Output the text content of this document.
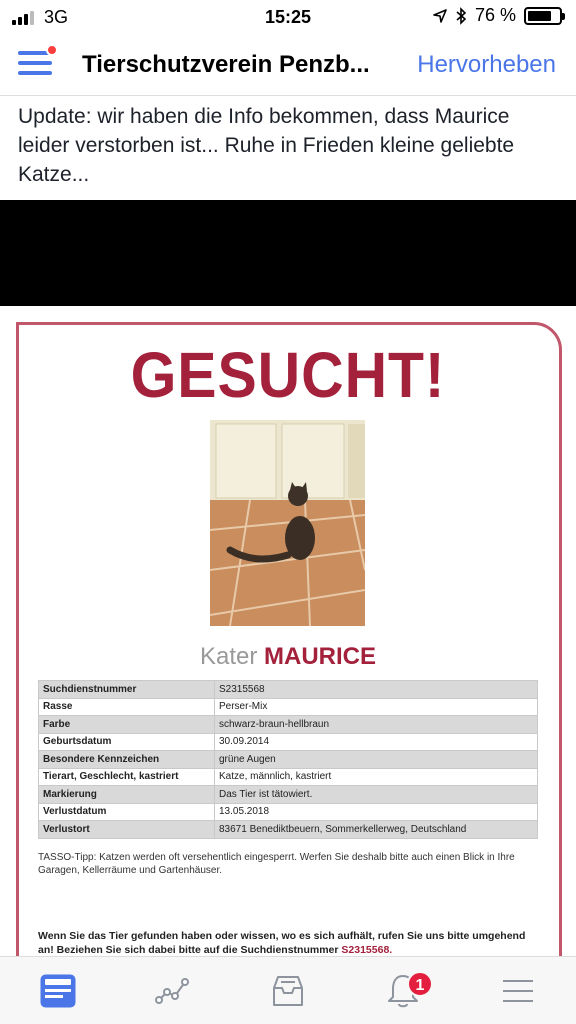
3G	15:25	76 %
Tierschutzverein Penzb...	Hervorheben
Update: wir haben die Info bekommen, dass Maurice leider verstorben ist... Ruhe in Frieden kleine geliebte Katze...
GESUCHT!
Kater MAURICE
Suchdienstnummer	S2315568
Rasse	Perser-Mix
Farbe	schwarz-braun-hellbraun
Geburtsdatum	30.09.2014
Besondere Kennzeichen	grüne Augen
Tierart, Geschlecht, kastriert	Katze, männlich, kastriert
Markierung	Das Tier ist tätowiert.
Verlustdatum	13.05.2018
Verlustort	83671 Benediktbeuern, Sommerkellerweg, Deutschland
TASSO-Tipp: Katzen werden oft versehentlich eingesperrt. Werfen Sie deshalb bitte auch einen Blick in Ihre Garagen, Kellerräume und Gartenhäuser.
Wenn Sie das Tier gefunden haben oder wissen, wo es sich aufhält, rufen Sie uns bitte umgehend an! Beziehen Sie sich dabei bitte auf die Suchdienstnummer S2315568.
1
